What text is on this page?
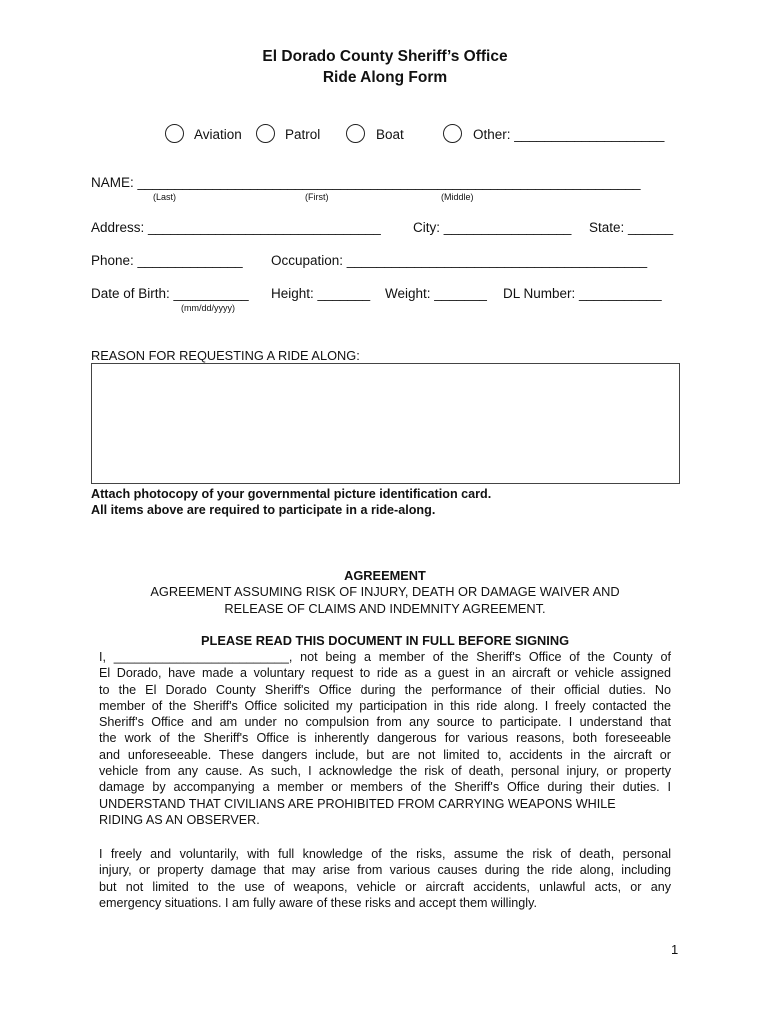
El Dorado County Sheriff’s Office
Ride Along Form
Aviation	Patrol	Boat	Other: ____________________
NAME: ___________________________________________________________________
(Last)	(First)	(Middle)
Address: _______________________________ City: _________________ State: ______
Phone: ______________ Occupation: ________________________________________
Date of Birth: __________ Height: _______ Weight: _______ DL Number: ___________
(mm/dd/yyyy)
REASON FOR REQUESTING A RIDE ALONG:
Attach photocopy of your governmental picture identification card.
All items above are required to participate in a ride-along.
AGREEMENT
AGREEMENT ASSUMING RISK OF INJURY, DEATH OR DAMAGE WAIVER AND
RELEASE OF CLAIMS AND INDEMNITY AGREEMENT.
PLEASE READ THIS DOCUMENT IN FULL BEFORE SIGNING
I, _________________________, not being a member of the Sheriff's Office of the County of
El Dorado, have made a voluntary request to ride as a guest in an aircraft or vehicle assigned
to the El Dorado County Sheriff's Office during the performance of their official duties. No
member of the Sheriff's Office solicited my participation in this ride along. I freely contacted the
Sheriff's Office and am under no compulsion from any source to participate. I understand that
the work of the Sheriff's Office is inherently dangerous for various reasons, both foreseeable
and unforeseeable. These dangers include, but are not limited to, accidents in the aircraft or
vehicle from any cause. As such, I acknowledge the risk of death, personal injury, or property
damage by accompanying a member or members of the Sheriff's Office during their duties. I
UNDERSTAND THAT CIVILIANS ARE PROHIBITED FROM CARRYING WEAPONS WHILE
RIDING AS AN OBSERVER.
I freely and voluntarily, with full knowledge of the risks, assume the risk of death, personal
injury, or property damage that may arise from various causes during the ride along, including
but not limited to the use of weapons, vehicle or aircraft accidents, unlawful acts, or any
emergency situations. I am fully aware of these risks and accept them willingly.
1
